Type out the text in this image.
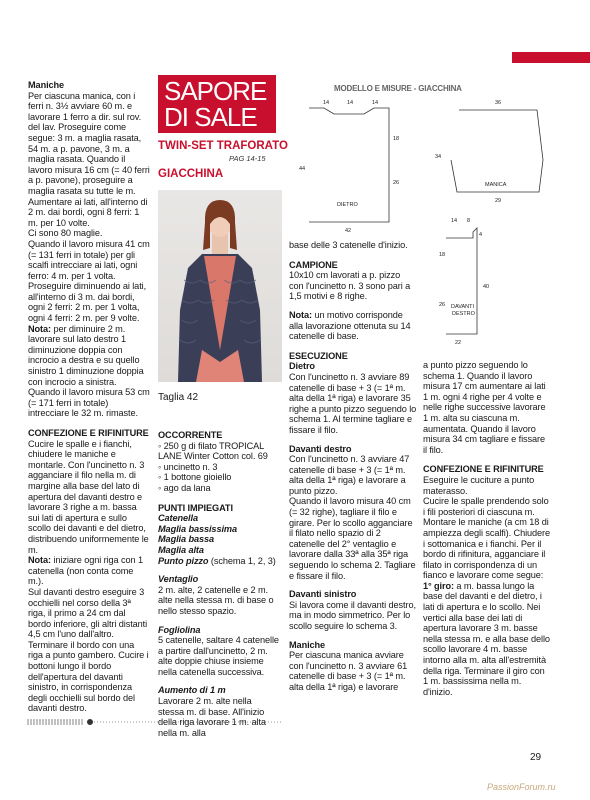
Maniche

Per ciascuna manica, con i ferri n. 3½ avviare 60 m. e lavorare 1 ferro a dir. sul rov. del lav. Proseguire come segue: 3 m. a maglia rasata, 54 m. a p. pavone, 3 m. a maglia rasata. Quando il lavoro misura 16 cm (= 40 ferri a p. pavone), proseguire a maglia rasata su tutte le m. Aumentare ai lati, all'interno di 2 m. dai bordi, ogni 8 ferri: 1 m. per 10 volte.

Ci sono 80 maglie.

Quando il lavoro misura 41 cm (= 131 ferri in totale) per gli scalfi intrecciare ai lati, ogni ferro: 4 m. per 1 volta. Proseguire diminuendo ai lati, all'interno di 3 m. dai bordi, ogni 2 ferri: 2 m. per 1 volta, ogni 4 ferri: 2 m. per 9 volte.

Nota: per diminuire 2 m. lavorare sul lato destro 1 diminuzione doppia con incrocio a destra e su quello sinistro 1 diminuzione doppia con incrocio a sinistra.

Quando il lavoro misura 53 cm (= 171 ferri in totale) intrecciare le 32 m. rimaste.

CONFEZIONE E RIFINITURE

Cucire le spalle e i fianchi, chiudere le maniche e montarle. Con l'uncinetto n. 3 agganciare il filo nella m. di margine alla base del lato di apertura del davanti destro e lavorare 3 righe a m. bassa sui lati di apertura e sullo scollo dei davanti e del dietro, distribuendo uniformemente le m.

Nota: iniziare ogni riga con 1 catenella (non conta come m.).

Sul davanti destro eseguire 3 occhielli nel corso della 3ª riga, il primo a 24 cm dal bordo inferiore, gli altri distanti 4,5 cm l'uno dall'altro. Terminare il bordo con una riga a punto gambero. Cucire i bottoni lungo il bordo dell'apertura del davanti sinistro, in corrispondenza degli occhielli sul bordo del davanti destro.

SAPORE
DI SALE
TWIN-SET TRAFORATO
PAG 14-15
GIACCHINA
Taglia 42

OCCORRENTE

◦ 250 g di filato TROPICAL LANE Winter Cotton col. 69

◦ uncinetto n. 3

◦ 1 bottone gioiello

◦ ago da lana

PUNTI IMPIEGATI

Catenella

Maglia bassissima

Maglia bassa

Maglia alta

Punto pizzo (schema 1, 2, 3)

Ventaglio

2 m. alte, 2 catenelle e 2 m. alte nella stessa m. di base o nello stesso spazio.

Fogliolina

5 catenelle, saltare 4 catenelle a partire dall'uncinetto, 2 m. alte doppie chiuse insieme nella catenella successiva.

Aumento di 1 m

Lavorare 2 m. alte nella stessa m. di base. All'inizio della riga lavorare 1 m. alta nella m. alla

MODELLO E MISURE - GIACCHINA
14	14	14
18
26
44
42
DIETRO
36
34
29
MANICA
14 8
4
18
26
40
22
DAVANTI
DESTRO

base delle 3 catenelle d'inizio.

CAMPIONE

10x10 cm lavorati a p. pizzo con l'uncinetto n. 3 sono pari a 1,5 motivi e 8 righe.

Nota: un motivo corrisponde alla lavorazione ottenuta su 14 catenelle di base.

ESECUZIONE

Dietro

Con l'uncinetto n. 3 avviare 89 catenelle di base + 3 (= 1ª m. alta della 1ª riga) e lavorare 35 righe a punto pizzo seguendo lo schema 1. Al termine tagliare e fissare il filo.

Davanti destro

Con l'uncinetto n. 3 avviare 47 catenelle di base + 3 (= 1ª m. alta della 1ª riga) e lavorare a punto pizzo.

Quando il lavoro misura 40 cm (= 32 righe), tagliare il filo e girare. Per lo scollo agganciare il filato nello spazio di 2 catenelle del 2° ventaglio e lavorare dalla 33ª alla 35ª riga seguendo lo schema 2. Tagliare e fissare il filo.

Davanti sinistro

Si lavora come il davanti destro, ma in modo simmetrico. Per lo scollo seguire lo schema 3.

Maniche

Per ciascuna manica avviare con l'uncinetto n. 3 avviare 61 catenelle di base + 3 (= 1ª m. alta della 1ª riga) e lavorare

a punto pizzo seguendo lo schema 1. Quando il lavoro misura 17 cm aumentare ai lati 1 m. ogni 4 righe per 4 volte e nelle righe successive lavorare 1 m. alta su ciascuna m. aumentata. Quando il lavoro misura 34 cm tagliare e fissare il filo.

CONFEZIONE E RIFINITURE

Eseguire le cuciture a punto materasso.

Cucire le spalle prendendo solo i fili posteriori di ciascuna m. Montare le maniche (a cm 18 di ampiezza degli scalfi). Chiudere i sottomanica e i fianchi. Per il bordo di rifinitura, agganciare il filato in corrispondenza di un fianco e lavorare come segue:

1° giro: a m. bassa lungo la base del davanti e del dietro, i lati di apertura e lo scollo. Nei vertici alla base dei lati di apertura lavorare 3 m. basse nella stessa m. e alla base dello scollo lavorare 4 m. basse intorno alla m. alta all'estremità della riga. Terminare il giro con 1 m. bassissima nella m. d'inizio.

29
PassionForum.ru
